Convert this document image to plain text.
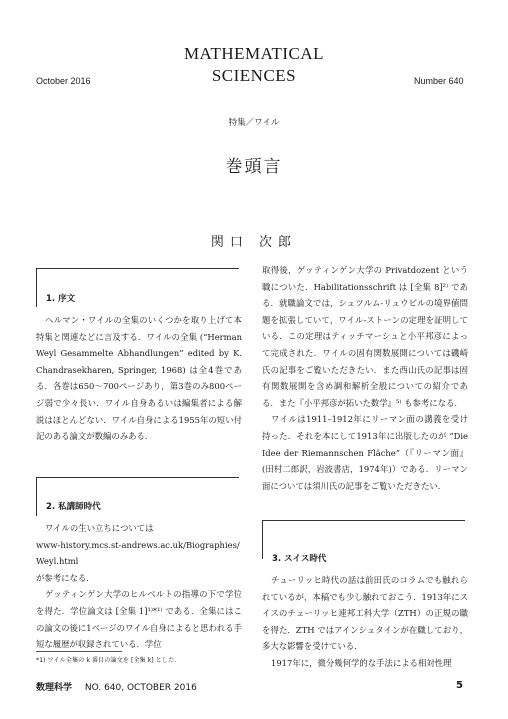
MATHEMATICAL
SCIENCES
October 2016	Number 640
特集／ワイル
巻頭言
関口 次郎
1. 序文

ヘルマン・ワイルの全集のいくつかを取り上げて本特集と関連などに言及する．ワイルの全集 (“Herman Weyl Gesammelte Abhandlungen” edited by K. Chandrasekharen, Springer, 1968) は全4巻である．各巻は650〜700ページあり，第3巻のみ800ページ弱で少々長い．ワイル自身あるいは編集者による解説はほとんどない．ワイル自身による1955年の短い付記のある論文が数編のみある．

2. 私講師時代

ワイルの生い立ちについては

www-history.mcs.st-andrews.ac.uk/Biographies/Weyl.html

が参考になる．

ゲッティンゲン大学のヒルベルトの指導の下で学位を得た．学位論文は [全集 1]¹⁾*¹⁾ である．全集にはこの論文の後に1ページのワイル自身によると思われる手短な履歴が収録されている．学位

取得後，ゲッティンゲン大学の Privatdozent という職についた．Habilitationsschrift は [全集 8]²⁾ である．就職論文では，シュツルム-リュウビルの境界値問題を拡張していて，ワイル-ストーンの定理を証明している．この定理はティッチマーシュと小平邦彦によって完成された．ワイルの固有関数展開については磯崎氏の記事をご覧いただきたい．また西山氏の記事は固有関数展開を含め調和解析全般についての紹介である．また『小平邦彦が拓いた数学』⁵⁾ も参考になる．

ワイルは1911–1912年にリーマン面の講義を受け持った．それを本にして1913年に出版したのが “Die Idee der Riemannschen Fläche”（『リーマン面』(田村二郎訳，岩波書店，1974年)）である．リーマン面については須川氏の記事をご覧いただきたい．

3. スイス時代

チューリッヒ時代の話は前田氏のコラムでも触れられているが，本稿でも少し触れておこう．1913年にスイスのチューリッヒ連邦工科大学（ZTH）の正規の職を得た．ZTH ではアインシュタインが在職しており，多大な影響を受けている．

1917年に，微分幾何学的な手法による相対性理

*1) ワイル全集の k 番目の論文を [全集 k] とした.
数理科学 NO. 640, OCTOBER 2016	5
